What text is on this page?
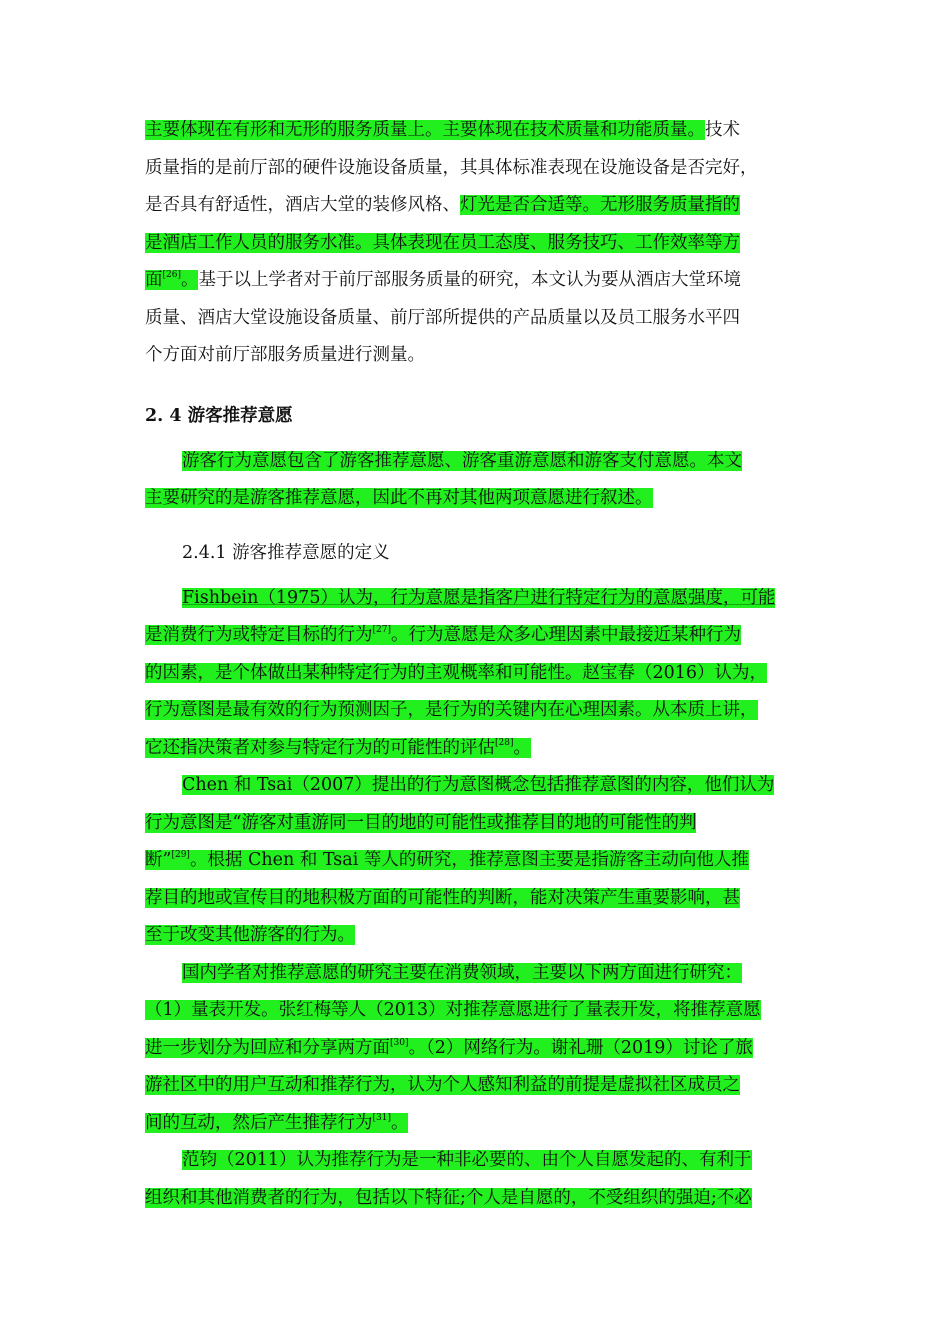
主要体现在有形和无形的服务质量上。主要体现在技术质量和功能质量。技术
质量指的是前厅部的硬件设施设备质量，其具体标准表现在设施设备是否完好，
是否具有舒适性，酒店大堂的装修风格、灯光是否合适等。无形服务质量指的
是酒店工作人员的服务水准。具体表现在员工态度、服务技巧、工作效率等方
面[26]。基于以上学者对于前厅部服务质量的研究，本文认为要从酒店大堂环境
质量、酒店大堂设施设备质量、前厅部所提供的产品质量以及员工服务水平四
个方面对前厅部服务质量进行测量。
2. 4 游客推荐意愿
游客行为意愿包含了游客推荐意愿、游客重游意愿和游客支付意愿。本文
主要研究的是游客推荐意愿，因此不再对其他两项意愿进行叙述。
2.4.1 游客推荐意愿的定义
Fishbein（1975）认为，行为意愿是指客户进行特定行为的意愿强度，可能
是消费行为或特定目标的行为[27]。行为意愿是众多心理因素中最接近某种行为
的因素，是个体做出某种特定行为的主观概率和可能性。赵宝春（2016）认为，
行为意图是最有效的行为预测因子，是行为的关键内在心理因素。从本质上讲，
它还指决策者对参与特定行为的可能性的评估[28]。
Chen 和 Tsai（2007）提出的行为意图概念包括推荐意图的内容，他们认为
行为意图是“游客对重游同一目的地的可能性或推荐目的地的可能性的判
断”[29]。根据 Chen 和 Tsai 等人的研究，推荐意图主要是指游客主动向他人推
荐目的地或宣传目的地积极方面的可能性的判断，能对决策产生重要影响，甚
至于改变其他游客的行为。
国内学者对推荐意愿的研究主要在消费领域，主要以下两方面进行研究：
（1）量表开发。张红梅等人（2013）对推荐意愿进行了量表开发，将推荐意愿
进一步划分为回应和分享两方面[30]。（2）网络行为。谢礼珊（2019）讨论了旅
游社区中的用户互动和推荐行为，认为个人感知利益的前提是虚拟社区成员之
间的互动，然后产生推荐行为[31]。
范钧（2011）认为推荐行为是一种非必要的、由个人自愿发起的、有利于
组织和其他消费者的行为，包括以下特征;个人是自愿的，不受组织的强迫;不必
